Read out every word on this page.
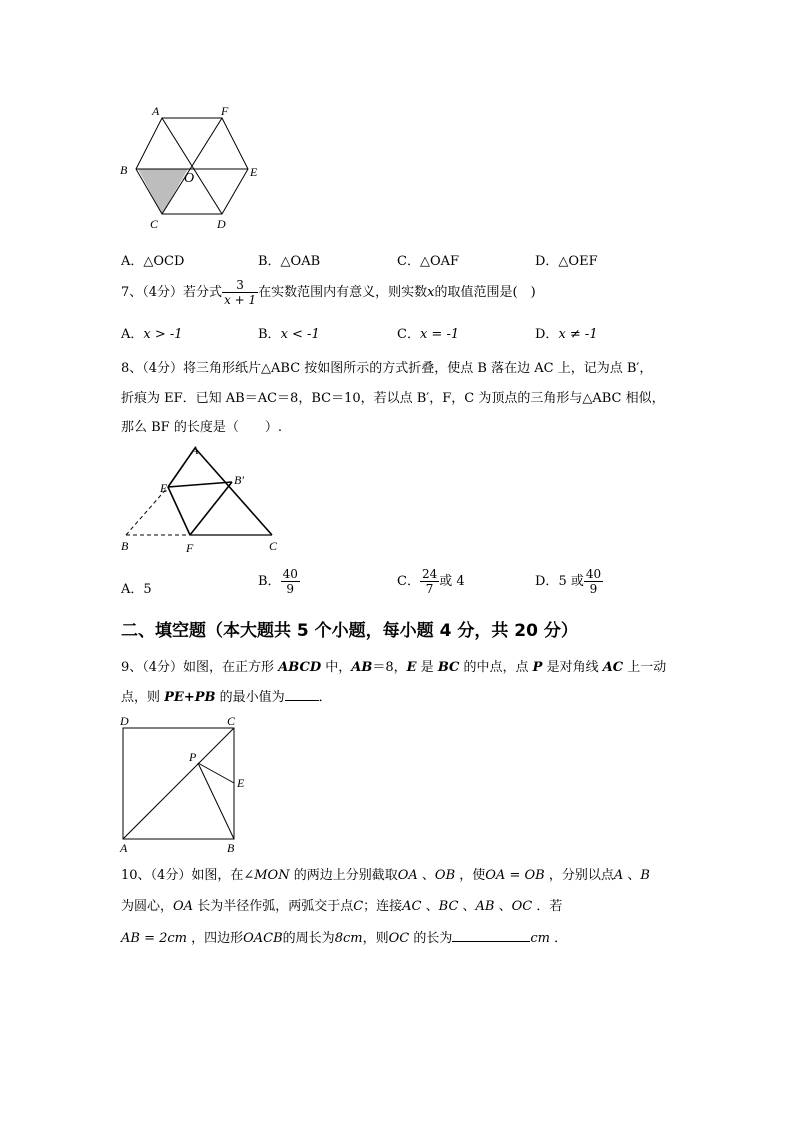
A	F
B
O	E
C	D
A．△OCD	B．△OAB	C．△OAF	D．△OEF
7、（4分）若分式 $\frac{3}{x + 1}$ 在实数范围内有意义，则实数x的取值范围是(　)
A．x > -1	B．x < -1	C．x = -1	D．x ≠ -1
8、（4分）将三角形纸片△ABC 按如图所示的方式折叠，使点 B 落在边 AC 上，记为点 B′，
折痕为 EF．已知 AB＝AC＝8，BC＝10，若以点 B′，F，C 为顶点的三角形与△ABC 相似，
那么 BF 的长度是（　　）.
A
E
B′
B	F	C
A．5
B． $\frac{40}{9}$	C． $\frac{24}{7}$ 或 4	D．5 或 $\frac{40}{9}$
二、填空题（本大题共 5 个小题，每小题 4 分，共 20 分）
9、（4分）如图，在正方形 ABCD 中，AB＝8，E 是 BC 的中点，点 P 是对角线 AC 上一动
点，则 PE+PB 的最小值为	．
D	C
P
E
A	B
10、（4分）如图，在∠MON 的两边上分别截取OA 、OB ，使OA = OB ，分别以点A 、B
为圆心，OA 长为半径作弧，两弧交于点C；连接AC 、BC 、AB 、OC ．若
AB = 2cm ，四边形OACB的周长为8cm，则OC 的长为	cm ．
